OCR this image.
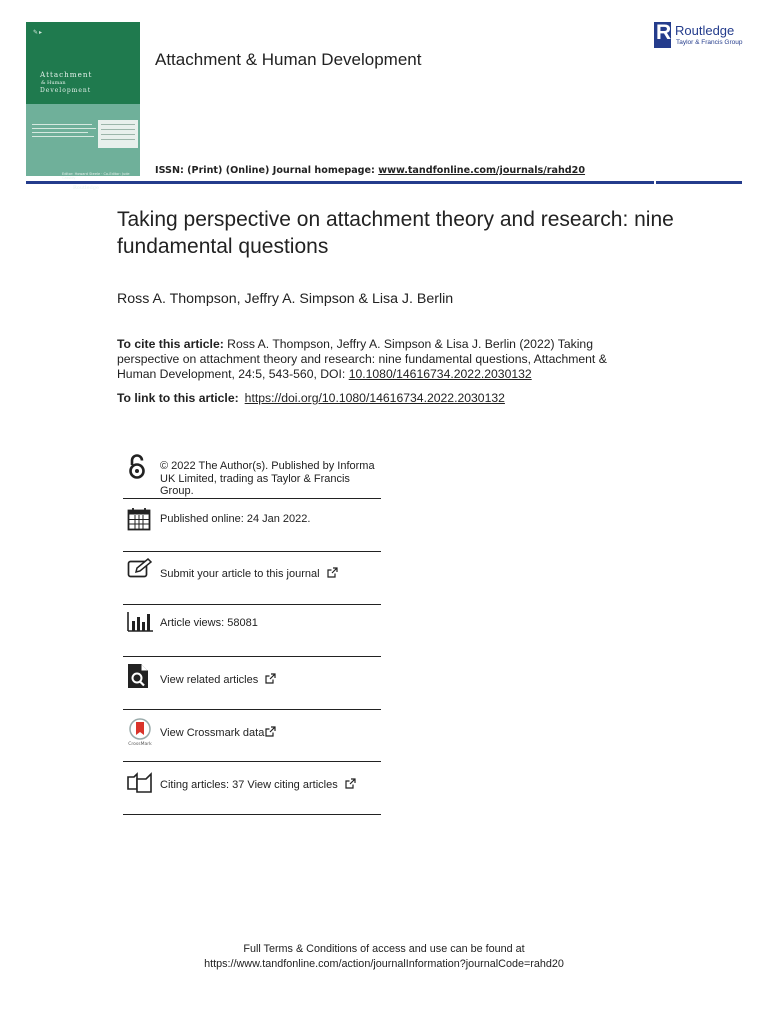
✎▸
Attachment
& Human
Development
Editor: Howard Steele · Co-Editor: Jude Cassidy
Routledge
Attachment & Human Development
ISSN: (Print) (Online) Journal homepage: www.tandfonline.com/journals/rahd20
R Routledge
Taylor & Francis Group
Taking perspective on attachment theory and research: nine fundamental questions
Ross A. Thompson, Jeffry A. Simpson & Lisa J. Berlin
To cite this article: Ross A. Thompson, Jeffry A. Simpson & Lisa J. Berlin (2022) Taking perspective on attachment theory and research: nine fundamental questions, Attachment & Human Development, 24:5, 543-560, DOI: 10.1080/14616734.2022.2030132
To link to this article: https://doi.org/10.1080/14616734.2022.2030132
© 2022 The Author(s). Published by Informa UK Limited, trading as Taylor & Francis Group.
Published online: 24 Jan 2022.
Submit your article to this journal
Article views: 58081
View related articles
CrossMark
View Crossmark data
Citing articles: 37 View citing articles
Full Terms & Conditions of access and use can be found at
https://www.tandfonline.com/action/journalInformation?journalCode=rahd20
